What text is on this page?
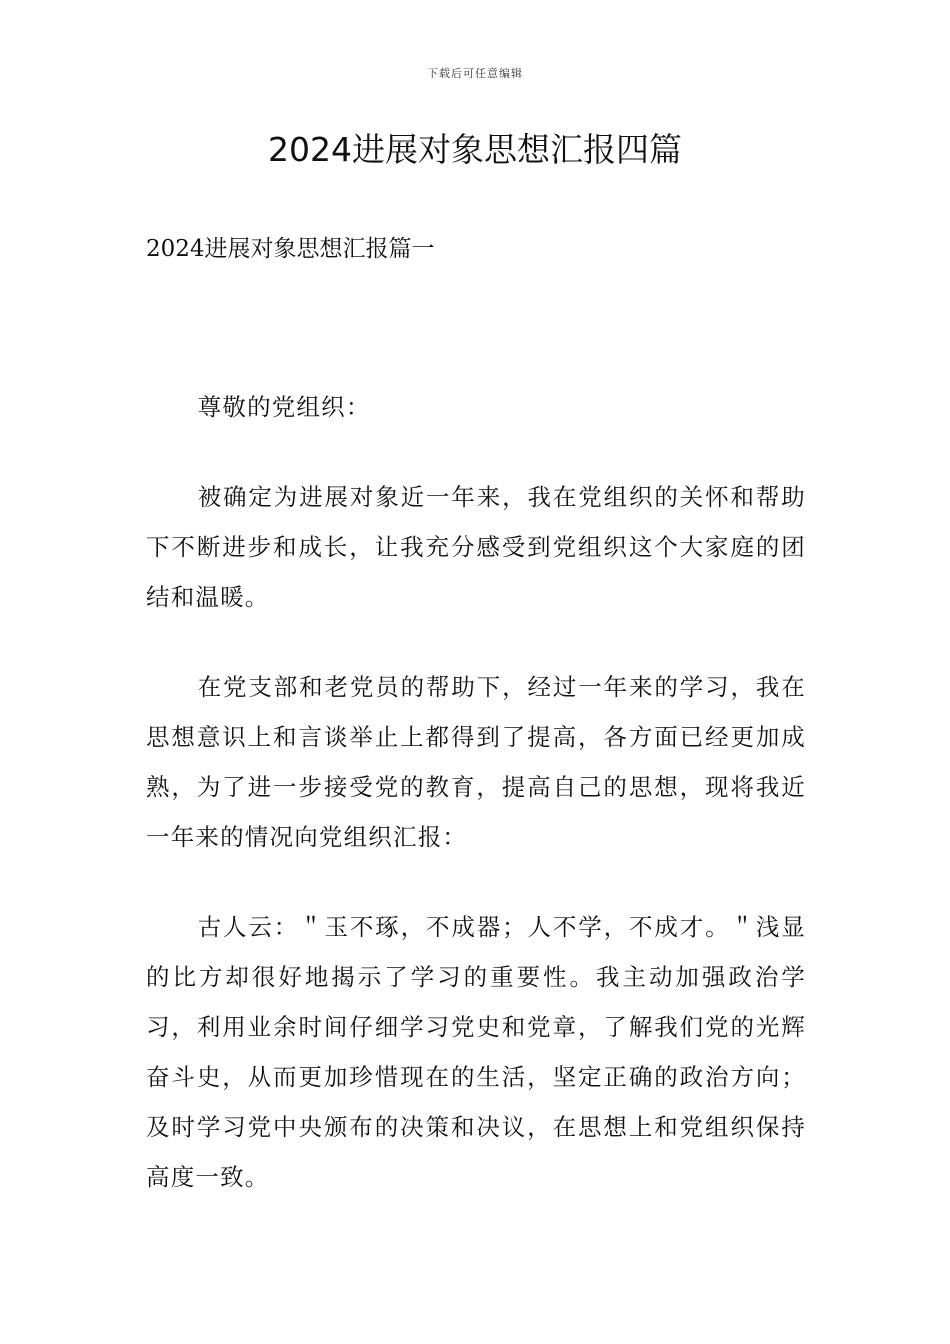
下载后可任意编辑
2024进展对象思想汇报四篇
2024进展对象思想汇报篇一

尊敬的党组织：

被确定为进展对象近一年来，我在党组织的关怀和帮助下不断进步和成长，让我充分感受到党组织这个大家庭的团结和温暖。

在党支部和老党员的帮助下，经过一年来的学习，我在思想意识上和言谈举止上都得到了提高，各方面已经更加成熟，为了进一步接受党的教育，提高自己的思想，现将我近一年来的情况向党组织汇报：

古人云：＂玉不琢，不成器；人不学，不成才。＂浅显的比方却很好地揭示了学习的重要性。我主动加强政治学习，利用业余时间仔细学习党史和党章，了解我们党的光辉奋斗史，从而更加珍惜现在的生活，坚定正确的政治方向；及时学习党中央颁布的决策和决议，在思想上和党组织保持高度一致。
